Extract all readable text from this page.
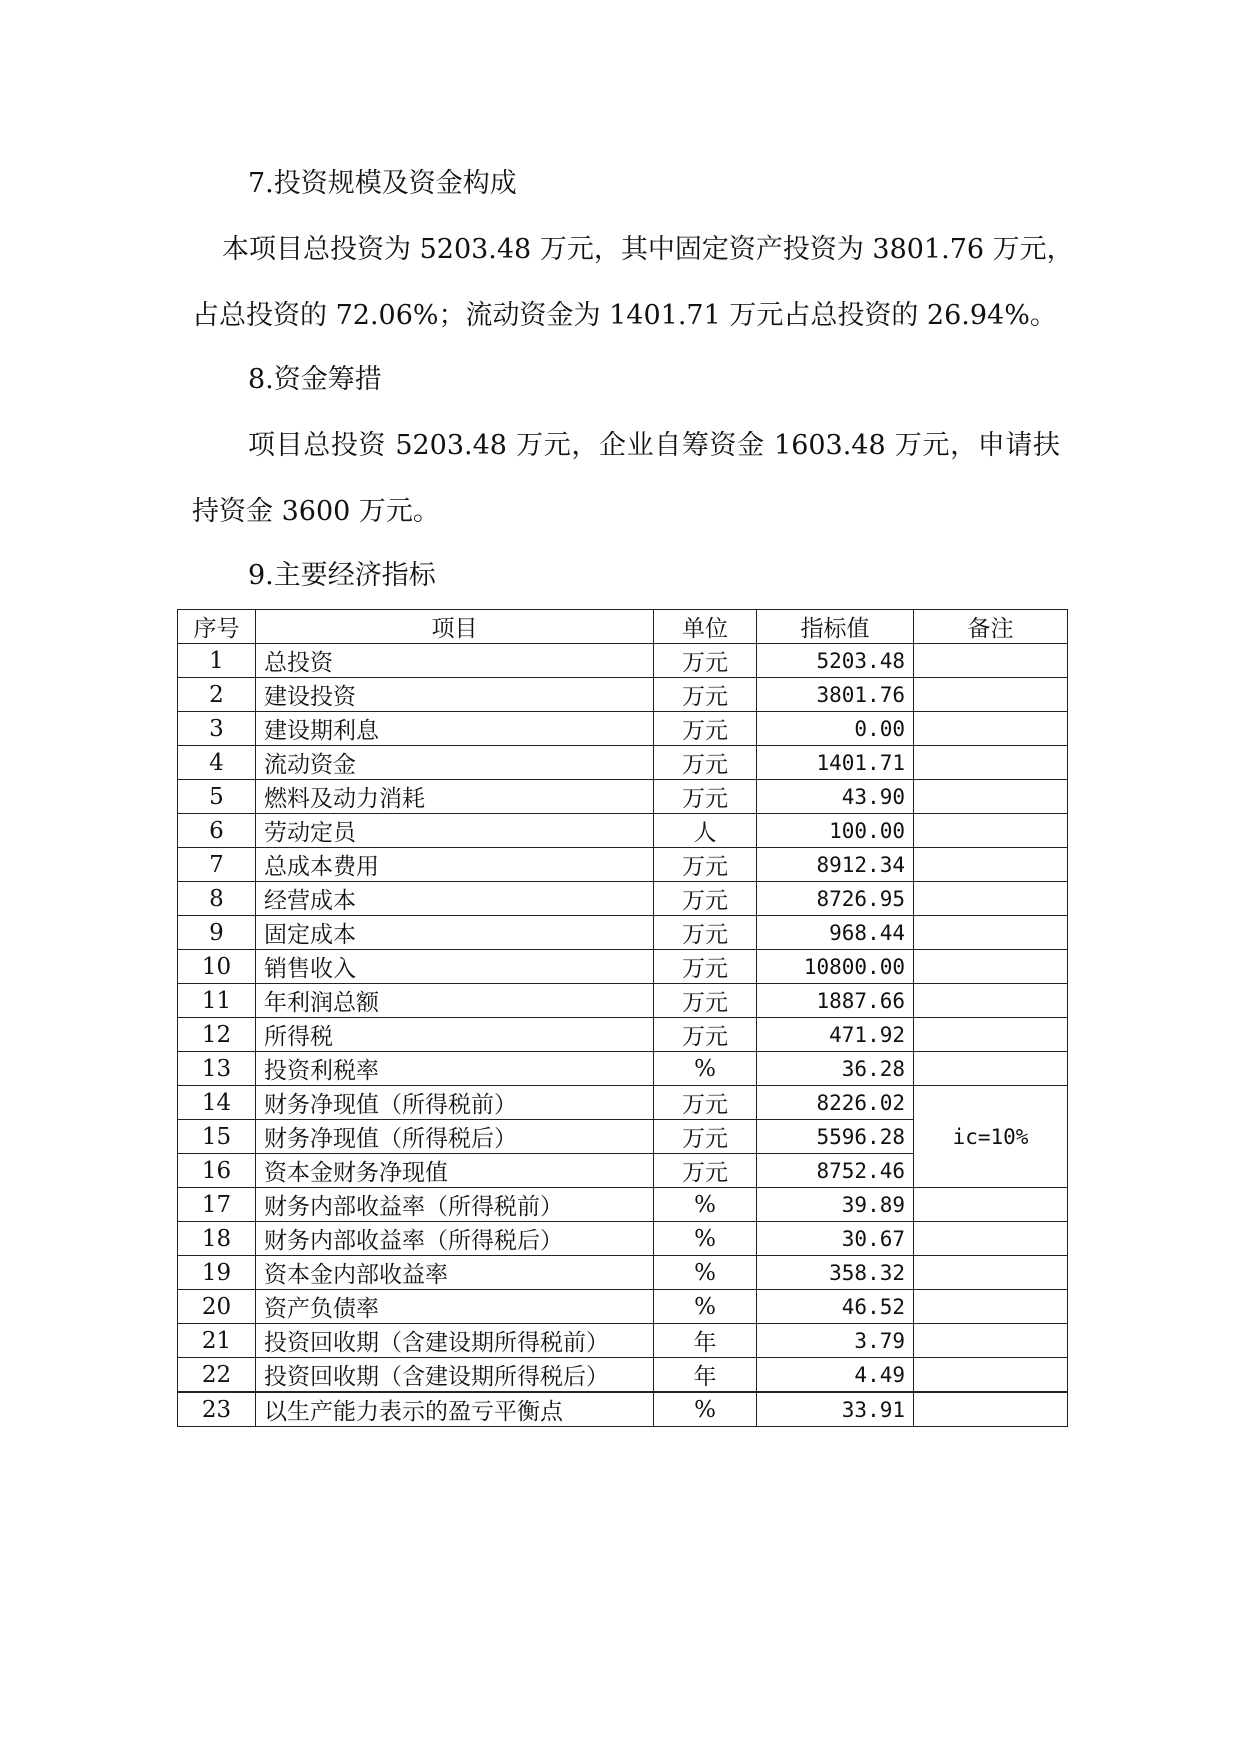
7.投资规模及资金构成
本项目总投资为 5203.48 万元，其中固定资产投资为 3801.76 万元，
占总投资的 72.06%；流动资金为 1401.71 万元占总投资的 26.94%。
8.资金筹措
项目总投资 5203.48 万元，企业自筹资金 1603.48 万元，申请扶
持资金 3600 万元。
9.主要经济指标
序号	项目	单位	指标值	备注
1	总投资	万元	5203.48	
2	建设投资	万元	3801.76	
3	建设期利息	万元	0.00	
4	流动资金	万元	1401.71	
5	燃料及动力消耗	万元	43.90	
6	劳动定员	人	100.00	
7	总成本费用	万元	8912.34	
8	经营成本	万元	8726.95	
9	固定成本	万元	968.44	
10	销售收入	万元	10800.00	
11	年利润总额	万元	1887.66	
12	所得税	万元	471.92	
13	投资利税率	%	36.28	
14	财务净现值（所得税前）	万元	8226.02	ic=10%
15	财务净现值（所得税后）	万元	5596.28	
16	资本金财务净现值	万元	8752.46	
17	财务内部收益率（所得税前）	%	39.89	
18	财务内部收益率（所得税后）	%	30.67	
19	资本金内部收益率	%	358.32	
20	资产负债率	%	46.52	
21	投资回收期（含建设期所得税前）	年	3.79	
22	投资回收期（含建设期所得税后）	年	4.49	
23	以生产能力表示的盈亏平衡点	%	33.91	
